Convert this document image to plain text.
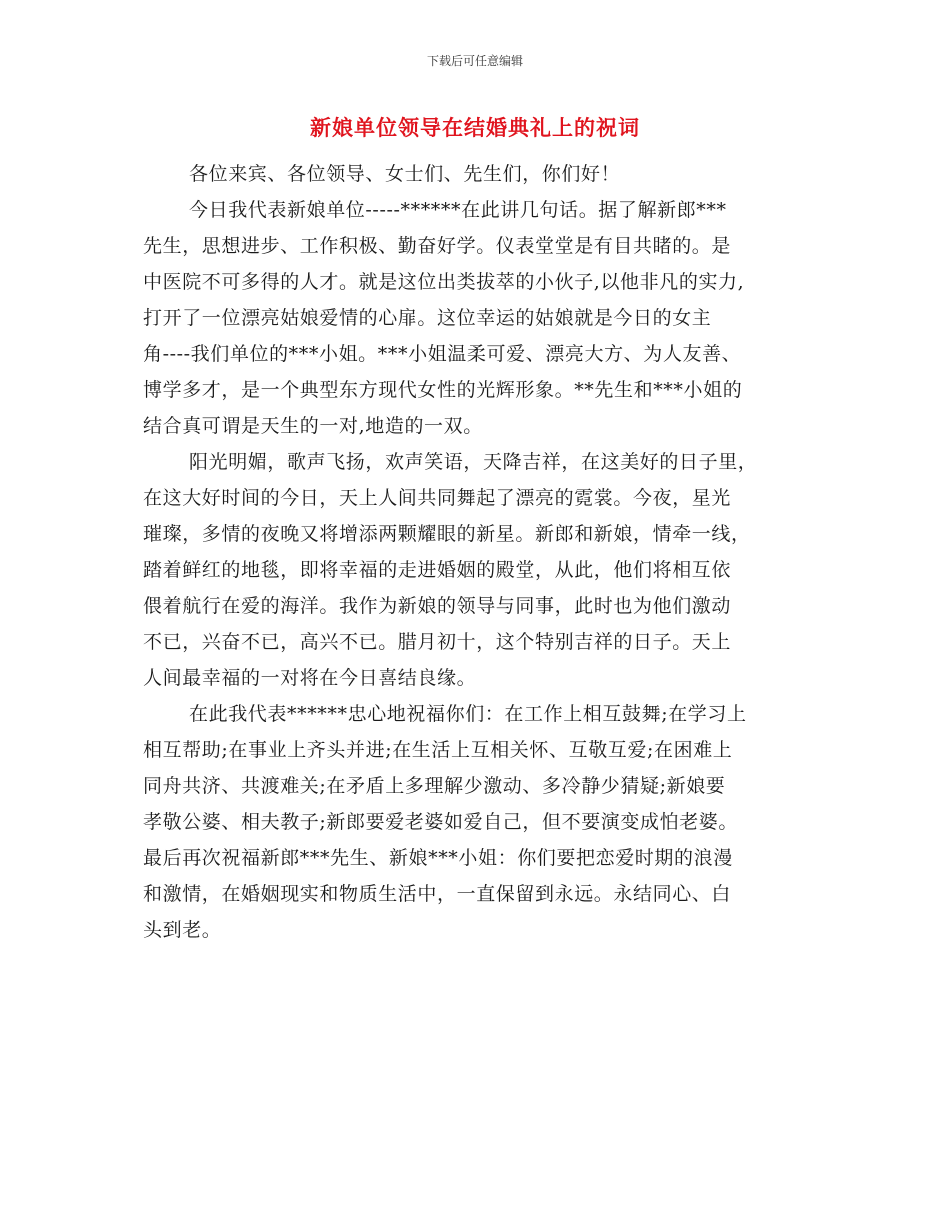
下载后可任意编辑
新娘单位领导在结婚典礼上的祝词
各位来宾、各位领导、女士们、先生们，你们好！
今日我代表新娘单位-----******在此讲几句话。据了解新郎***
先生，思想进步、工作积极、勤奋好学。仪表堂堂是有目共睹的。是
中医院不可多得的人才。就是这位出类拔萃的小伙子,以他非凡的实力,
打开了一位漂亮姑娘爱情的心扉。这位幸运的姑娘就是今日的女主
角----我们单位的***小姐。***小姐温柔可爱、漂亮大方、为人友善、
博学多才，是一个典型东方现代女性的光辉形象。**先生和***小姐的
结合真可谓是天生的一对,地造的一双。
阳光明媚，歌声飞扬，欢声笑语，天降吉祥，在这美好的日子里，
在这大好时间的今日，天上人间共同舞起了漂亮的霓裳。今夜，星光
璀璨，多情的夜晚又将增添两颗耀眼的新星。新郎和新娘，情牵一线，
踏着鲜红的地毯，即将幸福的走进婚姻的殿堂，从此，他们将相互依
偎着航行在爱的海洋。我作为新娘的领导与同事，此时也为他们激动
不已，兴奋不已，高兴不已。腊月初十，这个特别吉祥的日子。天上
人间最幸福的一对将在今日喜结良缘。
在此我代表******忠心地祝福你们：在工作上相互鼓舞;在学习上
相互帮助;在事业上齐头并进;在生活上互相关怀、互敬互爱;在困难上
同舟共济、共渡难关;在矛盾上多理解少激动、多冷静少猜疑;新娘要
孝敬公婆、相夫教子;新郎要爱老婆如爱自己，但不要演变成怕老婆。
最后再次祝福新郎***先生、新娘***小姐：你们要把恋爱时期的浪漫
和激情，在婚姻现实和物质生活中，一直保留到永远。永结同心、白
头到老。
